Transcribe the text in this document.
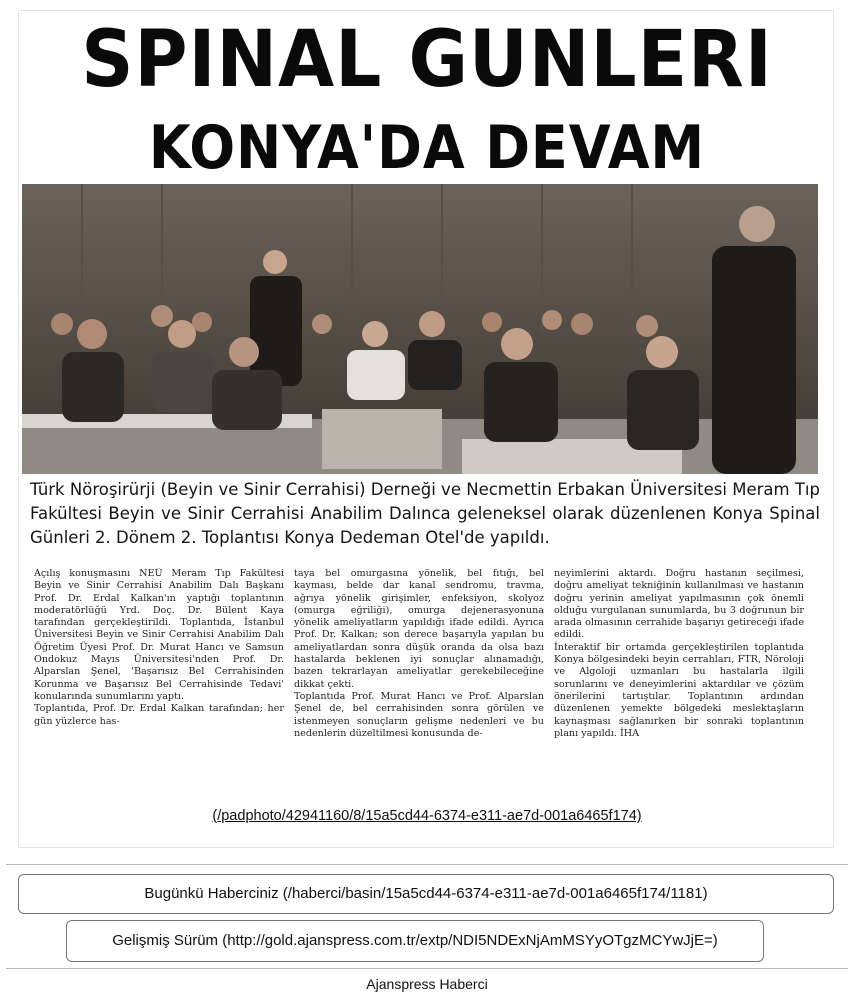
SPINAL GUNLERI
KONYA'DA DEVAM
Türk Nöroşirürji (Beyin ve Sinir Cerrahisi) Derneği ve Necmettin Erbakan Üniversitesi Meram Tıp Fakültesi Beyin ve Sinir Cerrahisi Anabilim Dalınca geleneksel olarak düzenlenen Konya Spinal Günleri 2. Dönem 2. Toplantısı Konya Dedeman Otel'de yapıldı.
Açılış konuşmasını NEÜ Meram Tıp Fakültesi Beyin ve Sinir Cerrahisi Anabilim Dalı Başkanı Prof. Dr. Erdal Kalkan'ın yaptığı toplantının moderatörlüğü Yrd. Doç. Dr. Bülent Kaya tarafından gerçekleştirildi. Toplantıda, İstanbul Üniversitesi Beyin ve Sinir Cerrahisi Anabilim Dalı Öğretim Üyesi Prof. Dr. Murat Hancı ve Samsun Ondokuz Mayıs Üniversitesi'nden Prof. Dr. Alparslan Şenel, 'Başarısız Bel Cerrahisinden Korunma ve Başarısız Bel Cerrahisinde Tedavi' konularında sunumlarını yaptı.
Toplantıda, Prof. Dr. Erdal Kalkan tarafından; her gün yüzlerce has-
taya bel omurgasına yönelik, bel fıtığı, bel kayması, belde dar kanal sendromu, travma, ağrıya yönelik girişimler, enfeksiyon, skolyoz (omurga eğriliği), omurga dejenerasyonuna yönelik ameliyatların yapıldığı ifade edildi. Ayrıca Prof. Dr. Kalkan; son derece başarıyla yapılan bu ameliyatlardan sonra düşük oranda da olsa bazı hastalarda beklenen iyi sonuçlar alınamadığı, bazen tekrarlayan ameliyatlar gerekebileceğine dikkat çekti.
Toplantıda Prof. Murat Hancı ve Prof. Alparslan Şenel de, bel cerrahisinden sonra görülen ve istenmeyen sonuçların gelişme nedenleri ve bu nedenlerin düzeltilmesi konusunda de-
neyimlerini aktardı. Doğru hastanın seçilmesi, doğru ameliyat tekniğinin kullanılması ve hastanın doğru yerinin ameliyat yapılmasının çok önemli olduğu vurgulanan sunumlarda, bu 3 doğrunun bir arada olmasının cerrahide başarıyı getireceği ifade edildi.
İnteraktif bir ortamda gerçekleştirilen toplantıda Konya bölgesindeki beyin cerrahları, FTR, Nöroloji ve Algoloji uzmanları bu hastalarla ilgili sorunlarını ve deneyimlerini aktardılar ve çözüm önerilerini tartıştılar. Toplantının ardından düzenlenen yemekte bölgedeki meslektaşların kaynaşması sağlanırken bir sonraki toplantının planı yapıldı. İHA
(/padphoto/42941160/8/15a5cd44-6374-e311-ae7d-001a6465f174)
Bugünkü Haberciniz (/haberci/basin/15a5cd44-6374-e311-ae7d-001a6465f174/1181)
Gelişmiş Sürüm (http://gold.ajanspress.com.tr/extp/NDI5NDExNjAmMSYyOTgzMCYwJjE=)
Ajanspress Haberci
